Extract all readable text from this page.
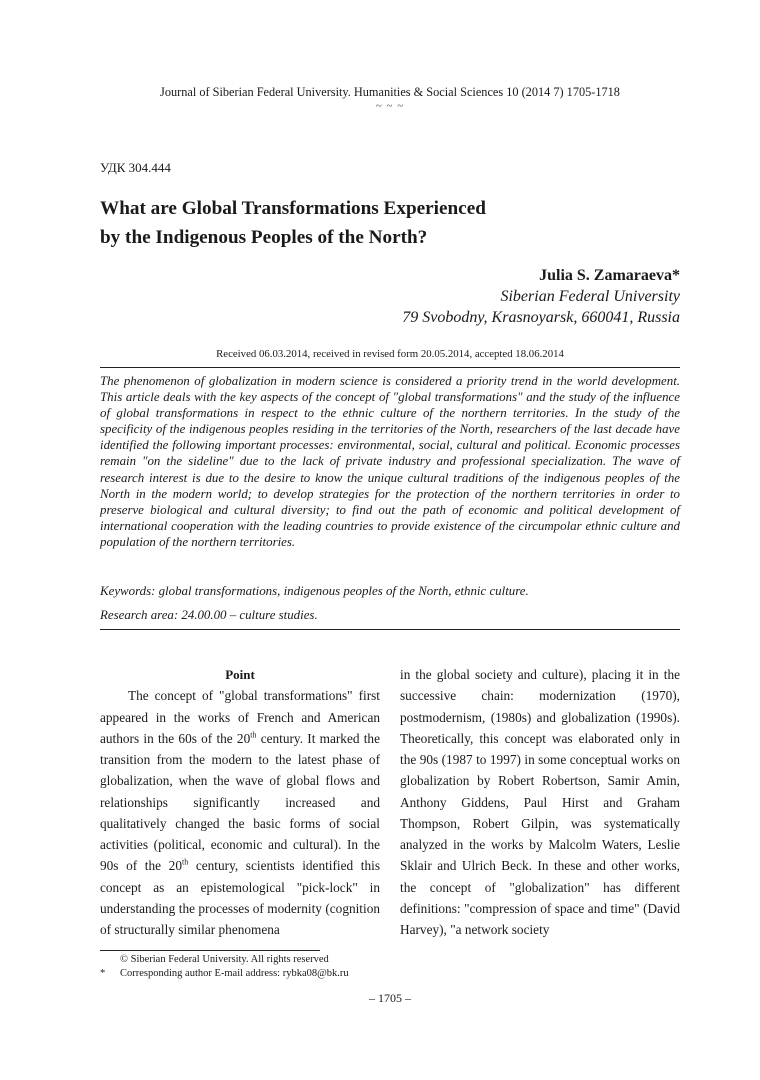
Journal of Siberian Federal University. Humanities & Social Sciences 10 (2014 7) 1705-1718
~ ~ ~
УДК 304.444
What are Global Transformations Experienced
by the Indigenous Peoples of the North?
Julia S. Zamaraeva*
Siberian Federal University
79 Svobodny, Krasnoyarsk, 660041, Russia
Received 06.03.2014, received in revised form 20.05.2014, accepted 18.06.2014
The phenomenon of globalization in modern science is considered a priority trend in the world development. This article deals with the key aspects of the concept of "global transformations" and the study of the influence of global transformations in respect to the ethnic culture of the northern territories. In the study of the specificity of the indigenous peoples residing in the territories of the North, researchers of the last decade have identified the following important processes: environmental, social, cultural and political. Economic processes remain "on the sideline" due to the lack of private industry and professional specialization. The wave of research interest is due to the desire to know the unique cultural traditions of the indigenous peoples of the North in the modern world; to develop strategies for the protection of the northern territories in order to preserve biological and cultural diversity; to find out the path of economic and political development of international cooperation with the leading countries to provide existence of the circumpolar ethnic culture and population of the northern territories.
Keywords: global transformations, indigenous peoples of the North, ethnic culture.
Research area: 24.00.00 – culture studies.

Point

The concept of "global transformations" first appeared in the works of French and American authors in the 60s of the 20th century. It marked the transition from the modern to the latest phase of globalization, when the wave of global flows and relationships significantly increased and qualitatively changed the basic forms of social activities (political, economic and cultural). In the 90s of the 20th century, scientists identified this concept as an epistemological "pick-lock" in understanding the processes of modernity (cognition of structurally similar phenomena

in the global society and culture), placing it in the successive chain: modernization (1970), postmodernism, (1980s) and globalization (1990s). Theoretically, this concept was elaborated only in the 90s (1987 to 1997) in some conceptual works on globalization by Robert Robertson, Samir Amin, Anthony Giddens, Paul Hirst and Graham Thompson, Robert Gilpin, was systematically analyzed in the works by Malcolm Waters, Leslie Sklair and Ulrich Beck. In these and other works, the concept of "globalization" has different definitions: "compression of space and time" (David Harvey), "a network society

© Siberian Federal University. All rights reserved
* Corresponding author E-mail address: rybka08@bk.ru
– 1705 –
